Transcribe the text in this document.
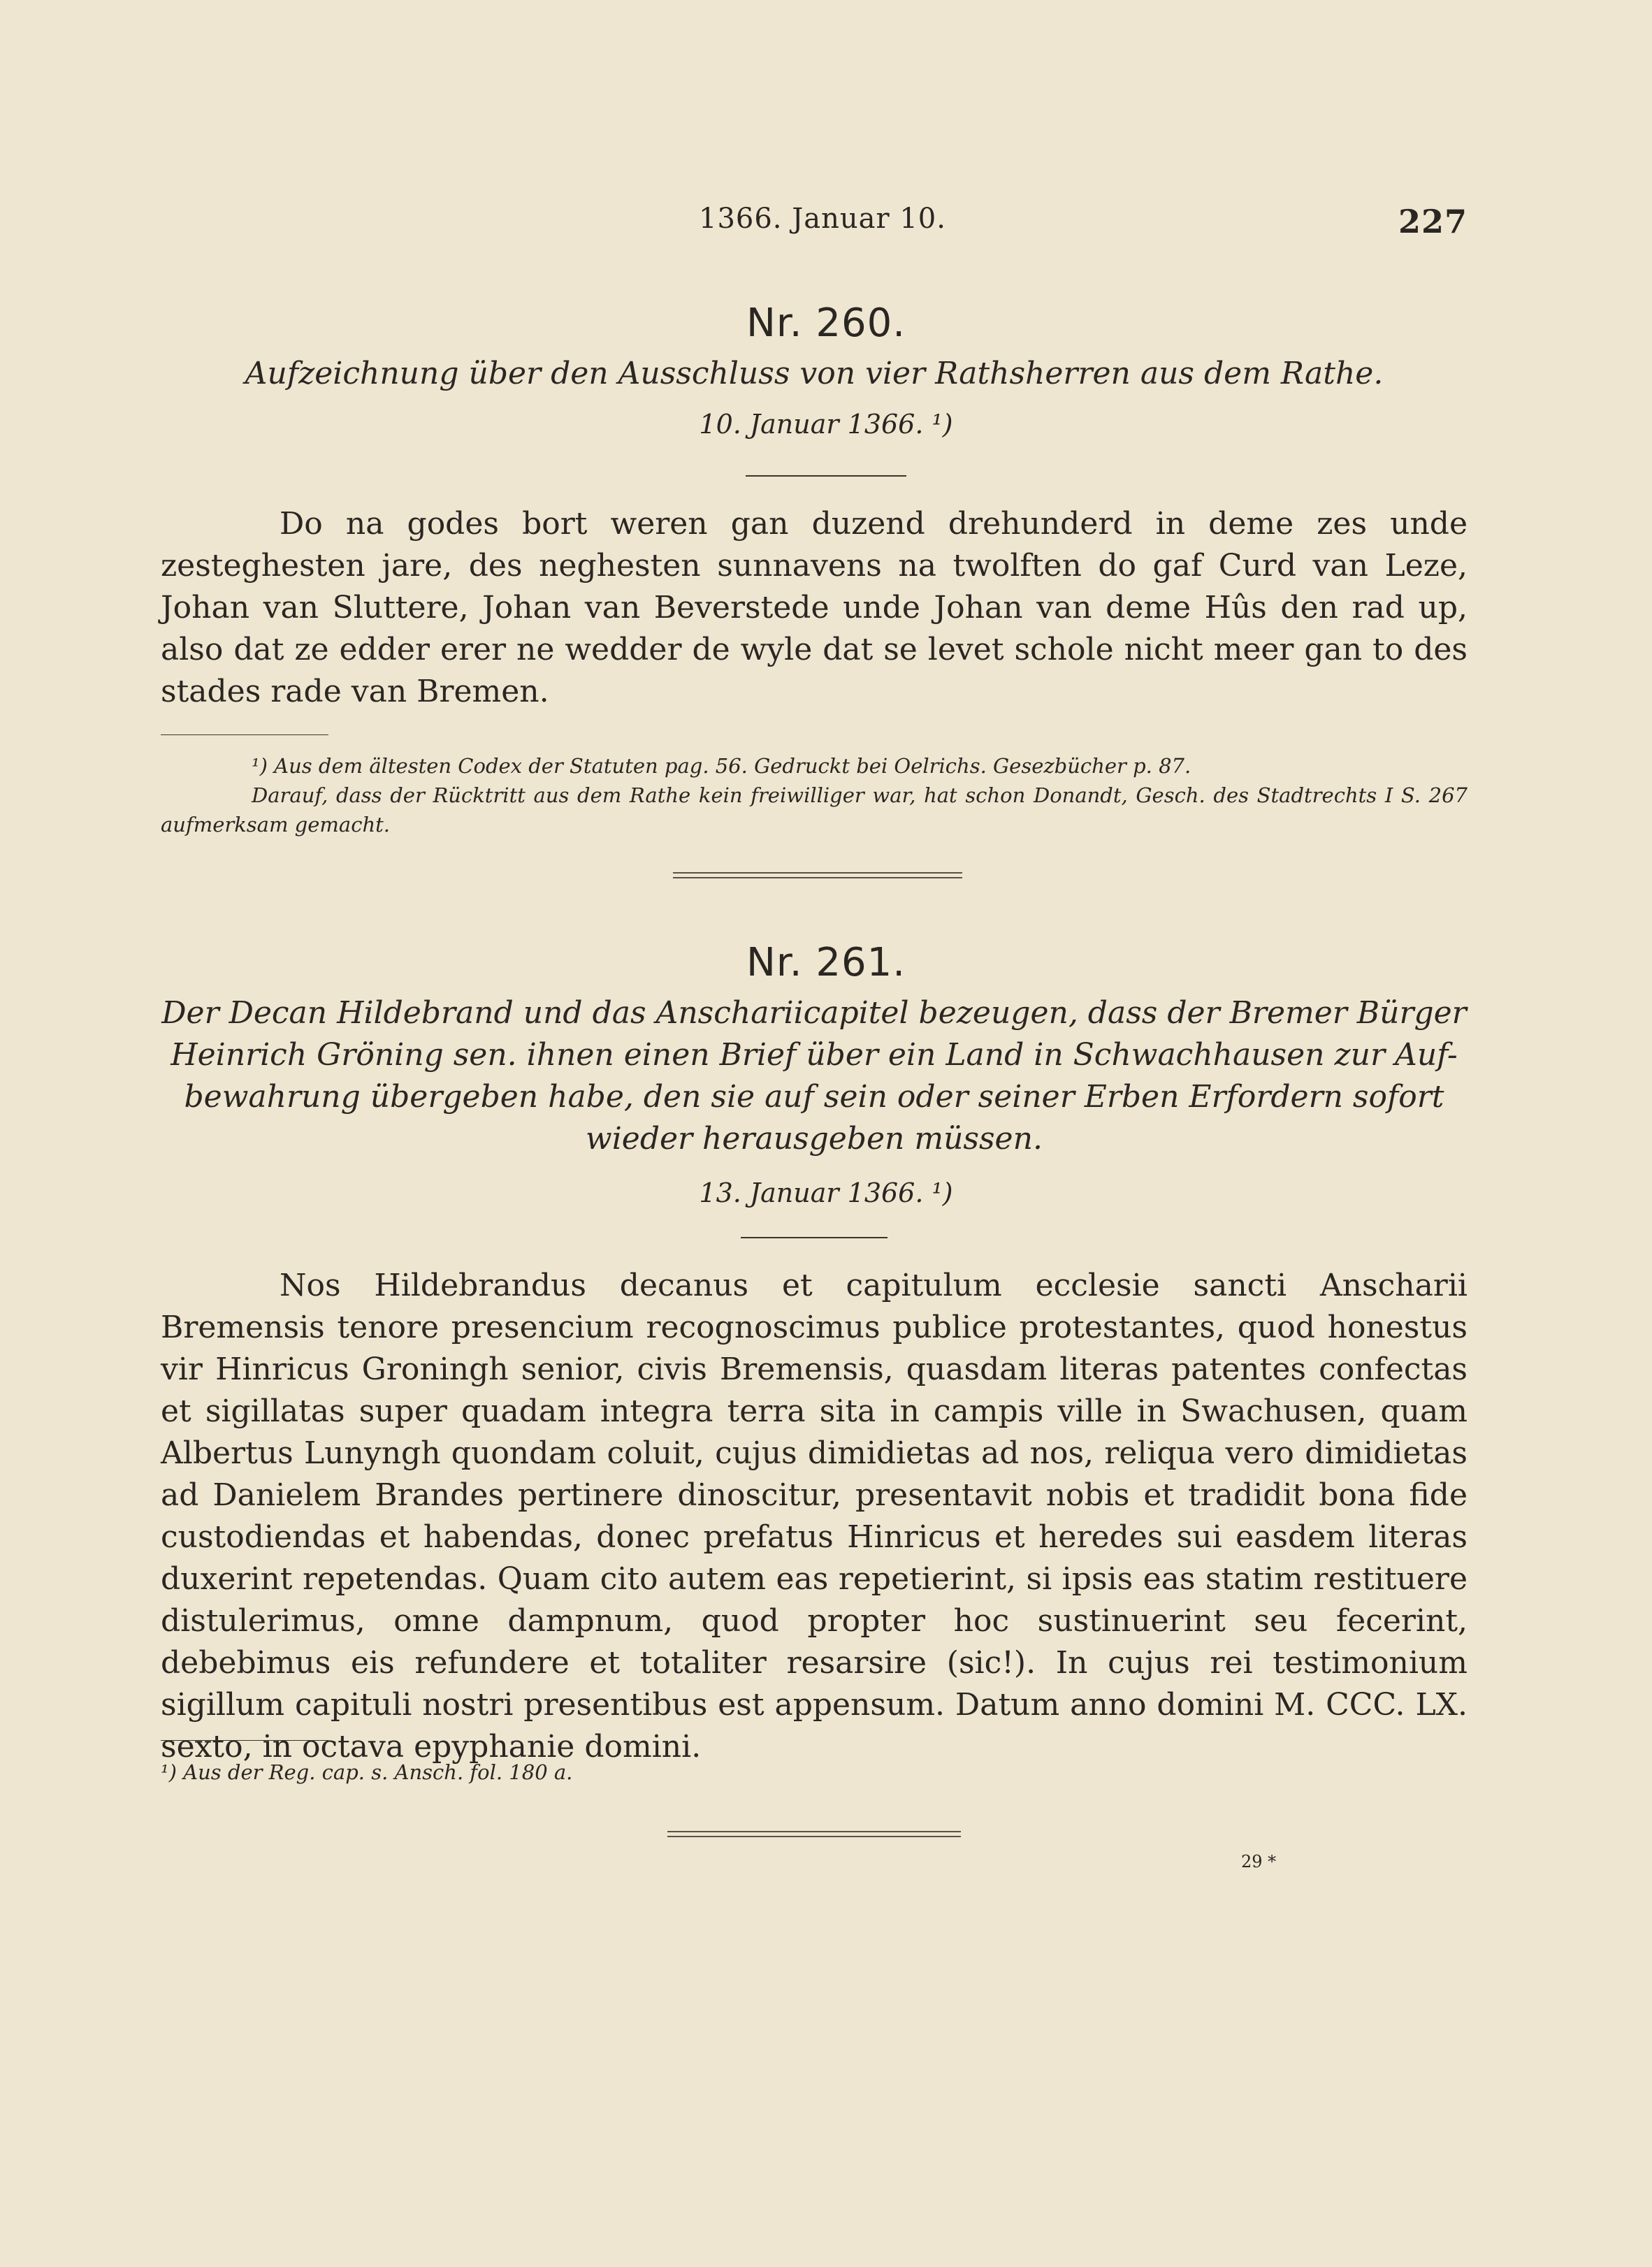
1366. Januar 10.	227
Nr. 260.
Aufzeichnung über den Ausschluss von vier Rathsherren aus dem Rathe.
10. Januar 1366. ¹)

Do na godes bort weren gan duzend drehunderd in deme zes unde zesteghesten jare, des neghesten sunnavens na twolften do gaf Curd van Leze, Johan van Sluttere, Johan van Beverstede unde Johan van deme Hûs den rad up, also dat ze edder erer ne wedder de wyle dat se levet schole nicht meer gan to des stades rade van Bremen.

¹) Aus dem ältesten Codex der Statuten pag. 56. Gedruckt bei Oelrichs. Gesezbücher p. 87.

Darauf, dass der Rücktritt aus dem Rathe kein freiwilliger war, hat schon Donandt, Gesch. des Stadtrechts I S. 267 aufmerksam gemacht.

Nr. 261.
Der Decan Hildebrand und das Anschariicapitel bezeugen, dass der Bremer Bürger
Heinrich Gröning sen. ihnen einen Brief über ein Land in Schwachhausen zur Auf-
bewahrung übergeben habe, den sie auf sein oder seiner Erben Erfordern sofort
wieder herausgeben müssen.
13. Januar 1366. ¹)

Nos Hildebrandus decanus et capitulum ecclesie sancti Anscharii Bremensis tenore presencium recognoscimus publice protestantes, quod honestus vir Hinricus Groningh senior, civis Bremensis, quasdam literas patentes confectas et sigillatas super quadam integra terra sita in campis ville in Swachusen, quam Albertus Lunyngh quondam coluit, cujus dimidietas ad nos, reliqua vero dimidietas ad Danielem Brandes pertinere dinoscitur, presentavit nobis et tradidit bona fide custodiendas et habendas, donec prefatus Hinricus et heredes sui easdem literas duxerint repetendas. Quam cito autem eas repetierint, si ipsis eas statim restituere distulerimus, omne dampnum, quod propter hoc sustinuerint seu fecerint, debebimus eis refundere et totaliter resarsire (sic!). In cujus rei testimonium sigillum capituli nostri presentibus est appensum. Datum anno domini M. CCC. LX. sexto, in octava epyphanie domini.

¹) Aus der Reg. cap. s. Ansch. fol. 180 a.

29 *
